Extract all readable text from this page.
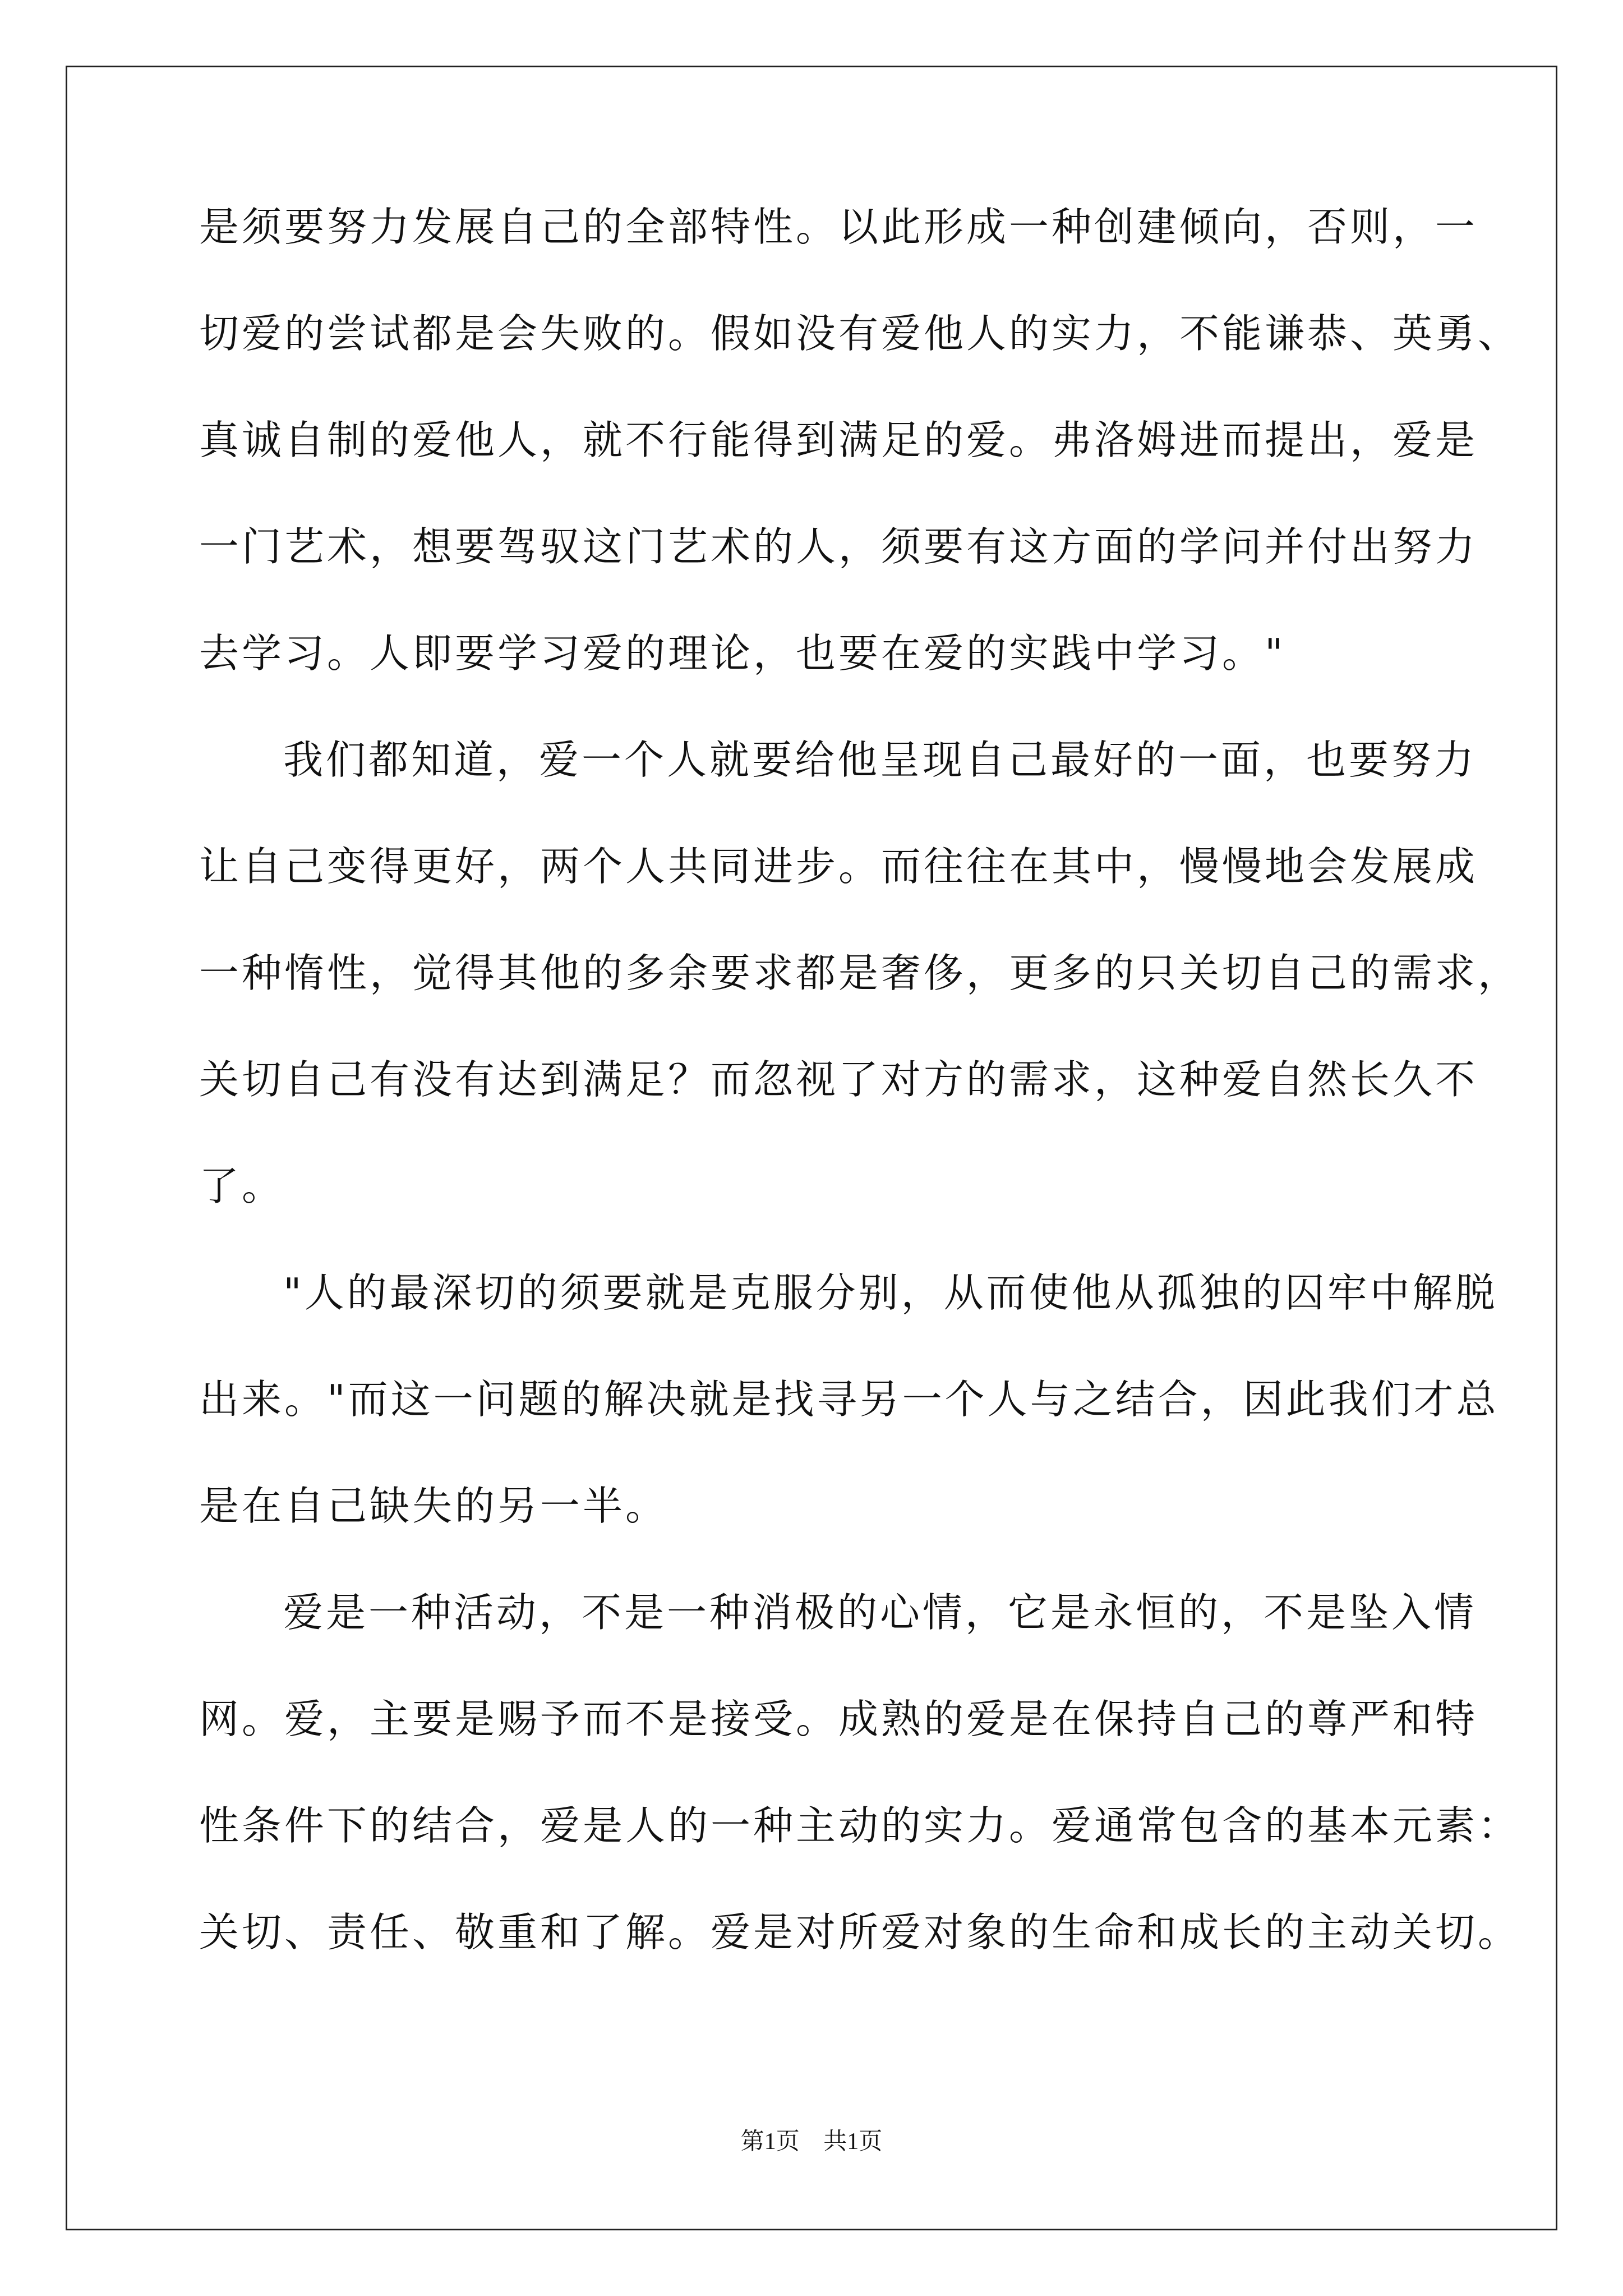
是须要努力发展自己的全部特性。以此形成一种创建倾向，否则，一
切爱的尝试都是会失败的。假如没有爱他人的实力，不能谦恭、英勇、
真诚自制的爱他人，就不行能得到满足的爱。弗洛姆进而提出，爱是
一门艺术，想要驾驭这门艺术的人，须要有这方面的学问并付出努力
去学习。人即要学习爱的理论，也要在爱的实践中学习。"
我们都知道，爱一个人就要给他呈现自己最好的一面，也要努力
让自己变得更好，两个人共同进步。而往往在其中，慢慢地会发展成
一种惰性，觉得其他的多余要求都是奢侈，更多的只关切自己的需求，
关切自己有没有达到满足？而忽视了对方的需求，这种爱自然长久不
了。
"人的最深切的须要就是克服分别，从而使他从孤独的囚牢中解脱
出来。"而这一问题的解决就是找寻另一个人与之结合，因此我们才总
是在自己缺失的另一半。
爱是一种活动，不是一种消极的心情，它是永恒的，不是坠入情
网。爱，主要是赐予而不是接受。成熟的爱是在保持自己的尊严和特
性条件下的结合，爱是人的一种主动的实力。爱通常包含的基本元素：
关切、责任、敬重和了解。爱是对所爱对象的生命和成长的主动关切。
第1页 共1页
